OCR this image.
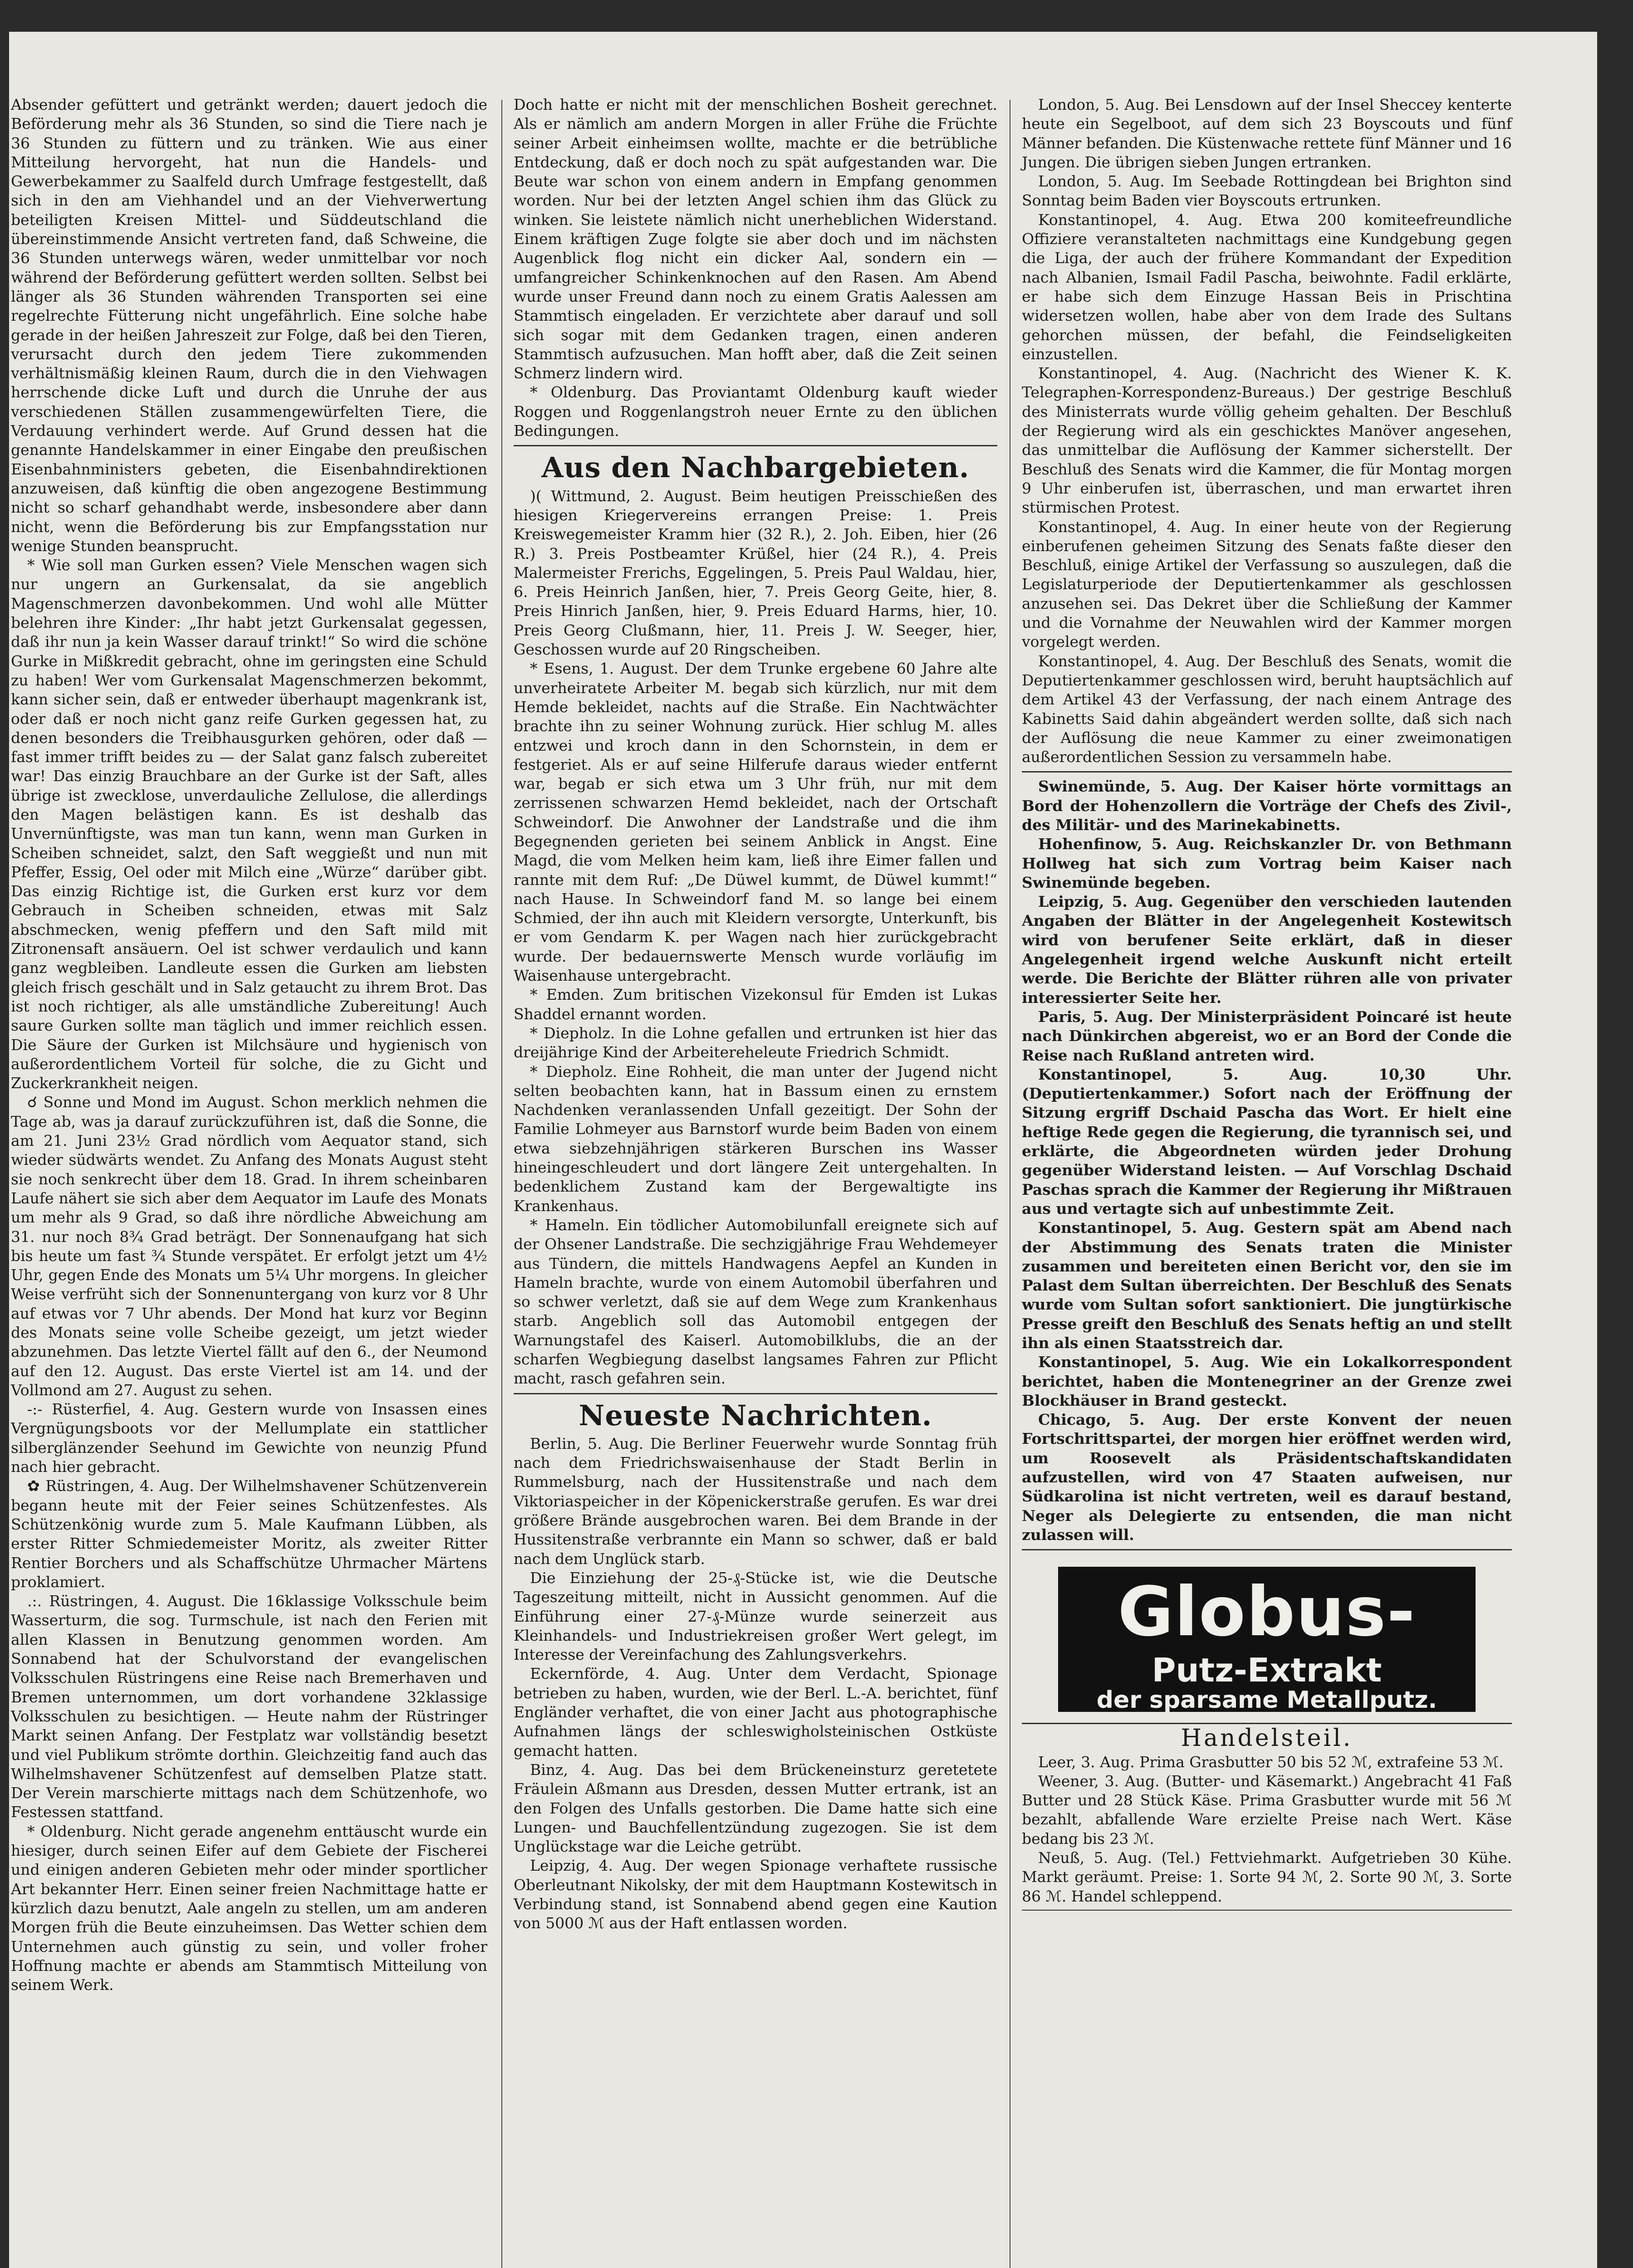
Absender gefüttert und getränkt werden; dauert jedoch die Beförderung mehr als 36 Stunden, so sind die Tiere nach je 36 Stunden zu füttern und zu tränken. Wie aus einer Mitteilung hervorgeht, hat nun die Handels- und Gewerbekammer zu Saalfeld durch Umfrage festgestellt, daß sich in den am Viehhandel und an der Viehverwertung beteiligten Kreisen Mittel- und Süddeutschland die übereinstimmende Ansicht vertreten fand, daß Schweine, die 36 Stunden unterwegs wären, weder unmittelbar vor noch während der Beförderung gefüttert werden sollten. Selbst bei länger als 36 Stunden währenden Transporten sei eine regelrechte Fütterung nicht ungefährlich. Eine solche habe gerade in der heißen Jahreszeit zur Folge, daß bei den Tieren, verursacht durch den jedem Tiere zukommenden verhältnismäßig kleinen Raum, durch die in den Viehwagen herrschende dicke Luft und durch die Unruhe der aus verschiedenen Ställen zusammengewürfelten Tiere, die Verdauung verhindert werde. Auf Grund dessen hat die genannte Handelskammer in einer Eingabe den preußischen Eisenbahnministers gebeten, die Eisenbahndirektionen anzuweisen, daß künftig die oben angezogene Bestimmung nicht so scharf gehandhabt werde, insbesondere aber dann nicht, wenn die Beförderung bis zur Empfangsstation nur wenige Stunden beansprucht.

* Wie soll man Gurken essen? Viele Menschen wagen sich nur ungern an Gurkensalat, da sie angeblich Magenschmerzen davonbekommen. Und wohl alle Mütter belehren ihre Kinder: „Ihr habt jetzt Gurkensalat gegessen, daß ihr nun ja kein Wasser darauf trinkt!“ So wird die schöne Gurke in Mißkredit gebracht, ohne im geringsten eine Schuld zu haben! Wer vom Gurkensalat Magenschmerzen bekommt, kann sicher sein, daß er entweder überhaupt magenkrank ist, oder daß er noch nicht ganz reife Gurken gegessen hat, zu denen besonders die Treibhausgurken gehören, oder daß — fast immer trifft beides zu — der Salat ganz falsch zubereitet war! Das einzig Brauchbare an der Gurke ist der Saft, alles übrige ist zwecklose, unverdauliche Zellulose, die allerdings den Magen belästigen kann. Es ist deshalb das Unvernünftigste, was man tun kann, wenn man Gurken in Scheiben schneidet, salzt, den Saft weggießt und nun mit Pfeffer, Essig, Oel oder mit Milch eine „Würze“ darüber gibt. Das einzig Richtige ist, die Gurken erst kurz vor dem Gebrauch in Scheiben schneiden, etwas mit Salz abschmecken, wenig pfeffern und den Saft mild mit Zitronensaft ansäuern. Oel ist schwer verdaulich und kann ganz wegbleiben. Landleute essen die Gurken am liebsten gleich frisch geschält und in Salz getaucht zu ihrem Brot. Das ist noch richtiger, als alle umständliche Zubereitung! Auch saure Gurken sollte man täglich und immer reichlich essen. Die Säure der Gurken ist Milchsäure und hygienisch von außerordentlichem Vorteil für solche, die zu Gicht und Zuckerkrankheit neigen.

☌ Sonne und Mond im August. Schon merklich nehmen die Tage ab, was ja darauf zurückzuführen ist, daß die Sonne, die am 21. Juni 23½ Grad nördlich vom Aequator stand, sich wieder südwärts wendet. Zu Anfang des Monats August steht sie noch senkrecht über dem 18. Grad. In ihrem scheinbaren Laufe nähert sie sich aber dem Aequator im Laufe des Monats um mehr als 9 Grad, so daß ihre nördliche Abweichung am 31. nur noch 8¾ Grad beträgt. Der Sonnenaufgang hat sich bis heute um fast ¾ Stunde verspätet. Er erfolgt jetzt um 4½ Uhr, gegen Ende des Monats um 5¼ Uhr morgens. In gleicher Weise verfrüht sich der Sonnenuntergang von kurz vor 8 Uhr auf etwas vor 7 Uhr abends. Der Mond hat kurz vor Beginn des Monats seine volle Scheibe gezeigt, um jetzt wieder abzunehmen. Das letzte Viertel fällt auf den 6., der Neumond auf den 12. August. Das erste Viertel ist am 14. und der Vollmond am 27. August zu sehen.

-:- Rüsterfiel, 4. Aug. Gestern wurde von Insassen eines Vergnügungsboots vor der Mellumplate ein stattlicher silberglänzender Seehund im Gewichte von neunzig Pfund nach hier gebracht.

✿ Rüstringen, 4. Aug. Der Wilhelmshavener Schützenverein begann heute mit der Feier seines Schützenfestes. Als Schützenkönig wurde zum 5. Male Kaufmann Lübben, als erster Ritter Schmiedemeister Moritz, als zweiter Ritter Rentier Borchers und als Schaffschütze Uhrmacher Märtens proklamiert.

.:. Rüstringen, 4. August. Die 16klassige Volksschule beim Wasserturm, die sog. Turmschule, ist nach den Ferien mit allen Klassen in Benutzung genommen worden. Am Sonnabend hat der Schulvorstand der evangelischen Volksschulen Rüstringens eine Reise nach Bremerhaven und Bremen unternommen, um dort vorhandene 32klassige Volksschulen zu besichtigen. — Heute nahm der Rüstringer Markt seinen Anfang. Der Festplatz war vollständig besetzt und viel Publikum strömte dorthin. Gleichzeitig fand auch das Wilhelmshavener Schützenfest auf demselben Platze statt. Der Verein marschierte mittags nach dem Schützenhofe, wo Festessen stattfand.

* Oldenburg. Nicht gerade angenehm enttäuscht wurde ein hiesiger, durch seinen Eifer auf dem Gebiete der Fischerei und einigen anderen Gebieten mehr oder minder sportlicher Art bekannter Herr. Einen seiner freien Nachmittage hatte er kürzlich dazu benutzt, Aale angeln zu stellen, um am anderen Morgen früh die Beute einzuheimsen. Das Wetter schien dem Unternehmen auch günstig zu sein, und voller froher Hoffnung machte er abends am Stammtisch Mitteilung von seinem Werk.

Doch hatte er nicht mit der menschlichen Bosheit gerechnet. Als er nämlich am andern Morgen in aller Frühe die Früchte seiner Arbeit einheimsen wollte, machte er die betrübliche Entdeckung, daß er doch noch zu spät aufgestanden war. Die Beute war schon von einem andern in Empfang genommen worden. Nur bei der letzten Angel schien ihm das Glück zu winken. Sie leistete nämlich nicht unerheblichen Widerstand. Einem kräftigen Zuge folgte sie aber doch und im nächsten Augenblick flog nicht ein dicker Aal, sondern ein — umfangreicher Schinkenknochen auf den Rasen. Am Abend wurde unser Freund dann noch zu einem Gratis Aalessen am Stammtisch eingeladen. Er verzichtete aber darauf und soll sich sogar mit dem Gedanken tragen, einen anderen Stammtisch aufzusuchen. Man hofft aber, daß die Zeit seinen Schmerz lindern wird.

* Oldenburg. Das Proviantamt Oldenburg kauft wieder Roggen und Roggenlangstroh neuer Ernte zu den üblichen Bedingungen.

Aus den Nachbargebieten.

)( Wittmund, 2. August. Beim heutigen Preisschießen des hiesigen Kriegervereins errangen Preise: 1. Preis Kreiswegemeister Kramm hier (32 R.), 2. Joh. Eiben, hier (26 R.) 3. Preis Postbeamter Krüßel, hier (24 R.), 4. Preis Malermeister Frerichs, Eggelingen, 5. Preis Paul Waldau, hier, 6. Preis Heinrich Janßen, hier, 7. Preis Georg Geite, hier, 8. Preis Hinrich Janßen, hier, 9. Preis Eduard Harms, hier, 10. Preis Georg Clußmann, hier, 11. Preis J. W. Seeger, hier, Geschossen wurde auf 20 Ringscheiben.

* Esens, 1. August. Der dem Trunke ergebene 60 Jahre alte unverheiratete Arbeiter M. begab sich kürzlich, nur mit dem Hemde bekleidet, nachts auf die Straße. Ein Nachtwächter brachte ihn zu seiner Wohnung zurück. Hier schlug M. alles entzwei und kroch dann in den Schornstein, in dem er festgeriet. Als er auf seine Hilferufe daraus wieder entfernt war, begab er sich etwa um 3 Uhr früh, nur mit dem zerrissenen schwarzen Hemd bekleidet, nach der Ortschaft Schweindorf. Die Anwohner der Landstraße und die ihm Begegnenden gerieten bei seinem Anblick in Angst. Eine Magd, die vom Melken heim kam, ließ ihre Eimer fallen und rannte mit dem Ruf: „De Düwel kummt, de Düwel kummt!“ nach Hause. In Schweindorf fand M. so lange bei einem Schmied, der ihn auch mit Kleidern versorgte, Unterkunft, bis er vom Gendarm K. per Wagen nach hier zurückgebracht wurde. Der bedauernswerte Mensch wurde vorläufig im Waisenhause untergebracht.

* Emden. Zum britischen Vizekonsul für Emden ist Lukas Shaddel ernannt worden.

* Diepholz. In die Lohne gefallen und ertrunken ist hier das dreijährige Kind der Arbeitereheleute Friedrich Schmidt.

* Diepholz. Eine Rohheit, die man unter der Jugend nicht selten beobachten kann, hat in Bassum einen zu ernstem Nachdenken veranlassenden Unfall gezeitigt. Der Sohn der Familie Lohmeyer aus Barnstorf wurde beim Baden von einem etwa siebzehnjährigen stärkeren Burschen ins Wasser hineingeschleudert und dort längere Zeit untergehalten. In bedenklichem Zustand kam der Bergewaltigte ins Krankenhaus.

* Hameln. Ein tödlicher Automobilunfall ereignete sich auf der Ohsener Landstraße. Die sechzigjährige Frau Wehdemeyer aus Tündern, die mittels Handwagens Aepfel an Kunden in Hameln brachte, wurde von einem Automobil überfahren und so schwer verletzt, daß sie auf dem Wege zum Krankenhaus starb. Angeblich soll das Automobil entgegen der Warnungstafel des Kaiserl. Automobilklubs, die an der scharfen Wegbiegung daselbst langsames Fahren zur Pflicht macht, rasch gefahren sein.

Neueste Nachrichten.

Berlin, 5. Aug. Die Berliner Feuerwehr wurde Sonntag früh nach dem Friedrichswaisenhause der Stadt Berlin in Rummelsburg, nach der Hussitenstraße und nach dem Viktoriaspeicher in der Köpenickerstraße gerufen. Es war drei größere Brände ausgebrochen waren. Bei dem Brande in der Hussitenstraße verbrannte ein Mann so schwer, daß er bald nach dem Unglück starb.

Die Einziehung der 25-₰-Stücke ist, wie die Deutsche Tageszeitung mitteilt, nicht in Aussicht genommen. Auf die Einführung einer 27-₰-Münze wurde seinerzeit aus Kleinhandels- und Industriekreisen großer Wert gelegt, im Interesse der Vereinfachung des Zahlungsverkehrs.

Eckernförde, 4. Aug. Unter dem Verdacht, Spionage betrieben zu haben, wurden, wie der Berl. L.-A. berichtet, fünf Engländer verhaftet, die von einer Jacht aus photographische Aufnahmen längs der schleswigholsteinischen Ostküste gemacht hatten.

Binz, 4. Aug. Das bei dem Brückeneinsturz geretetete Fräulein Aßmann aus Dresden, dessen Mutter ertrank, ist an den Folgen des Unfalls gestorben. Die Dame hatte sich eine Lungen- und Bauchfellentzündung zugezogen. Sie ist dem Unglückstage war die Leiche getrübt.

Leipzig, 4. Aug. Der wegen Spionage verhaftete russische Oberleutnant Nikolsky, der mit dem Hauptmann Kostewitsch in Verbindung stand, ist Sonnabend abend gegen eine Kaution von 5000 ℳ aus der Haft entlassen worden.

London, 5. Aug. Bei Lensdown auf der Insel Sheccey kenterte heute ein Segelboot, auf dem sich 23 Boyscouts und fünf Männer befanden. Die Küstenwache rettete fünf Männer und 16 Jungen. Die übrigen sieben Jungen ertranken.

London, 5. Aug. Im Seebade Rottingdean bei Brighton sind Sonntag beim Baden vier Boyscouts ertrunken.

Konstantinopel, 4. Aug. Etwa 200 komiteefreundliche Offiziere veranstalteten nachmittags eine Kundgebung gegen die Liga, der auch der frühere Kommandant der Expedition nach Albanien, Ismail Fadil Pascha, beiwohnte. Fadil erklärte, er habe sich dem Einzuge Hassan Beis in Prischtina widersetzen wollen, habe aber von dem Irade des Sultans gehorchen müssen, der befahl, die Feindseligkeiten einzustellen.

Konstantinopel, 4. Aug. (Nachricht des Wiener K. K. Telegraphen-Korrespondenz-Bureaus.) Der gestrige Beschluß des Ministerrats wurde völlig geheim gehalten. Der Beschluß der Regierung wird als ein geschicktes Manöver angesehen, das unmittelbar die Auflösung der Kammer sicherstellt. Der Beschluß des Senats wird die Kammer, die für Montag morgen 9 Uhr einberufen ist, überraschen, und man erwartet ihren stürmischen Protest.

Konstantinopel, 4. Aug. In einer heute von der Regierung einberufenen geheimen Sitzung des Senats faßte dieser den Beschluß, einige Artikel der Verfassung so auszulegen, daß die Legislaturperiode der Deputiertenkammer als geschlossen anzusehen sei. Das Dekret über die Schließung der Kammer und die Vornahme der Neuwahlen wird der Kammer morgen vorgelegt werden.

Konstantinopel, 4. Aug. Der Beschluß des Senats, womit die Deputiertenkammer geschlossen wird, beruht hauptsächlich auf dem Artikel 43 der Verfassung, der nach einem Antrage des Kabinetts Said dahin abgeändert werden sollte, daß sich nach der Auflösung die neue Kammer zu einer zweimonatigen außerordentlichen Session zu versammeln habe.

Swinemünde, 5. Aug. Der Kaiser hörte vormittags an Bord der Hohenzollern die Vorträge der Chefs des Zivil-, des Militär- und des Marinekabinetts.

Hohenfinow, 5. Aug. Reichskanzler Dr. von Bethmann Hollweg hat sich zum Vortrag beim Kaiser nach Swinemünde begeben.

Leipzig, 5. Aug. Gegenüber den verschieden lautenden Angaben der Blätter in der Angelegenheit Kostewitsch wird von berufener Seite erklärt, daß in dieser Angelegenheit irgend welche Auskunft nicht erteilt werde. Die Berichte der Blätter rühren alle von privater interessierter Seite her.

Paris, 5. Aug. Der Ministerpräsident Poincaré ist heute nach Dünkirchen abgereist, wo er an Bord der Conde die Reise nach Rußland antreten wird.

Konstantinopel, 5. Aug. 10,30 Uhr. (Deputiertenkammer.) Sofort nach der Eröffnung der Sitzung ergriff Dschaid Pascha das Wort. Er hielt eine heftige Rede gegen die Regierung, die tyrannisch sei, und erklärte, die Abgeordneten würden jeder Drohung gegenüber Widerstand leisten. — Auf Vorschlag Dschaid Paschas sprach die Kammer der Regierung ihr Mißtrauen aus und vertagte sich auf unbestimmte Zeit.

Konstantinopel, 5. Aug. Gestern spät am Abend nach der Abstimmung des Senats traten die Minister zusammen und bereiteten einen Bericht vor, den sie im Palast dem Sultan überreichten. Der Beschluß des Senats wurde vom Sultan sofort sanktioniert. Die jungtürkische Presse greift den Beschluß des Senats heftig an und stellt ihn als einen Staatsstreich dar.

Konstantinopel, 5. Aug. Wie ein Lokalkorrespondent berichtet, haben die Montenegriner an der Grenze zwei Blockhäuser in Brand gesteckt.

Chicago, 5. Aug. Der erste Konvent der neuen Fortschrittspartei, der morgen hier eröffnet werden wird, um Roosevelt als Präsidentschaftskandidaten aufzustellen, wird von 47 Staaten aufweisen, nur Südkarolina ist nicht vertreten, weil es darauf bestand, Neger als Delegierte zu entsenden, die man nicht zulassen will.

Globus-
Putz-Extrakt
der sparsame Metallputz.
Handelsteil.

Leer, 3. Aug. Prima Grasbutter 50 bis 52 ℳ, extrafeine 53 ℳ.

Weener, 3. Aug. (Butter- und Käsemarkt.) Angebracht 41 Faß Butter und 28 Stück Käse. Prima Grasbutter wurde mit 56 ℳ bezahlt, abfallende Ware erzielte Preise nach Wert. Käse bedang bis 23 ℳ.

Neuß, 5. Aug. (Tel.) Fettviehmarkt. Aufgetrieben 30 Kühe. Markt geräumt. Preise: 1. Sorte 94 ℳ, 2. Sorte 90 ℳ, 3. Sorte 86 ℳ. Handel schleppend.
